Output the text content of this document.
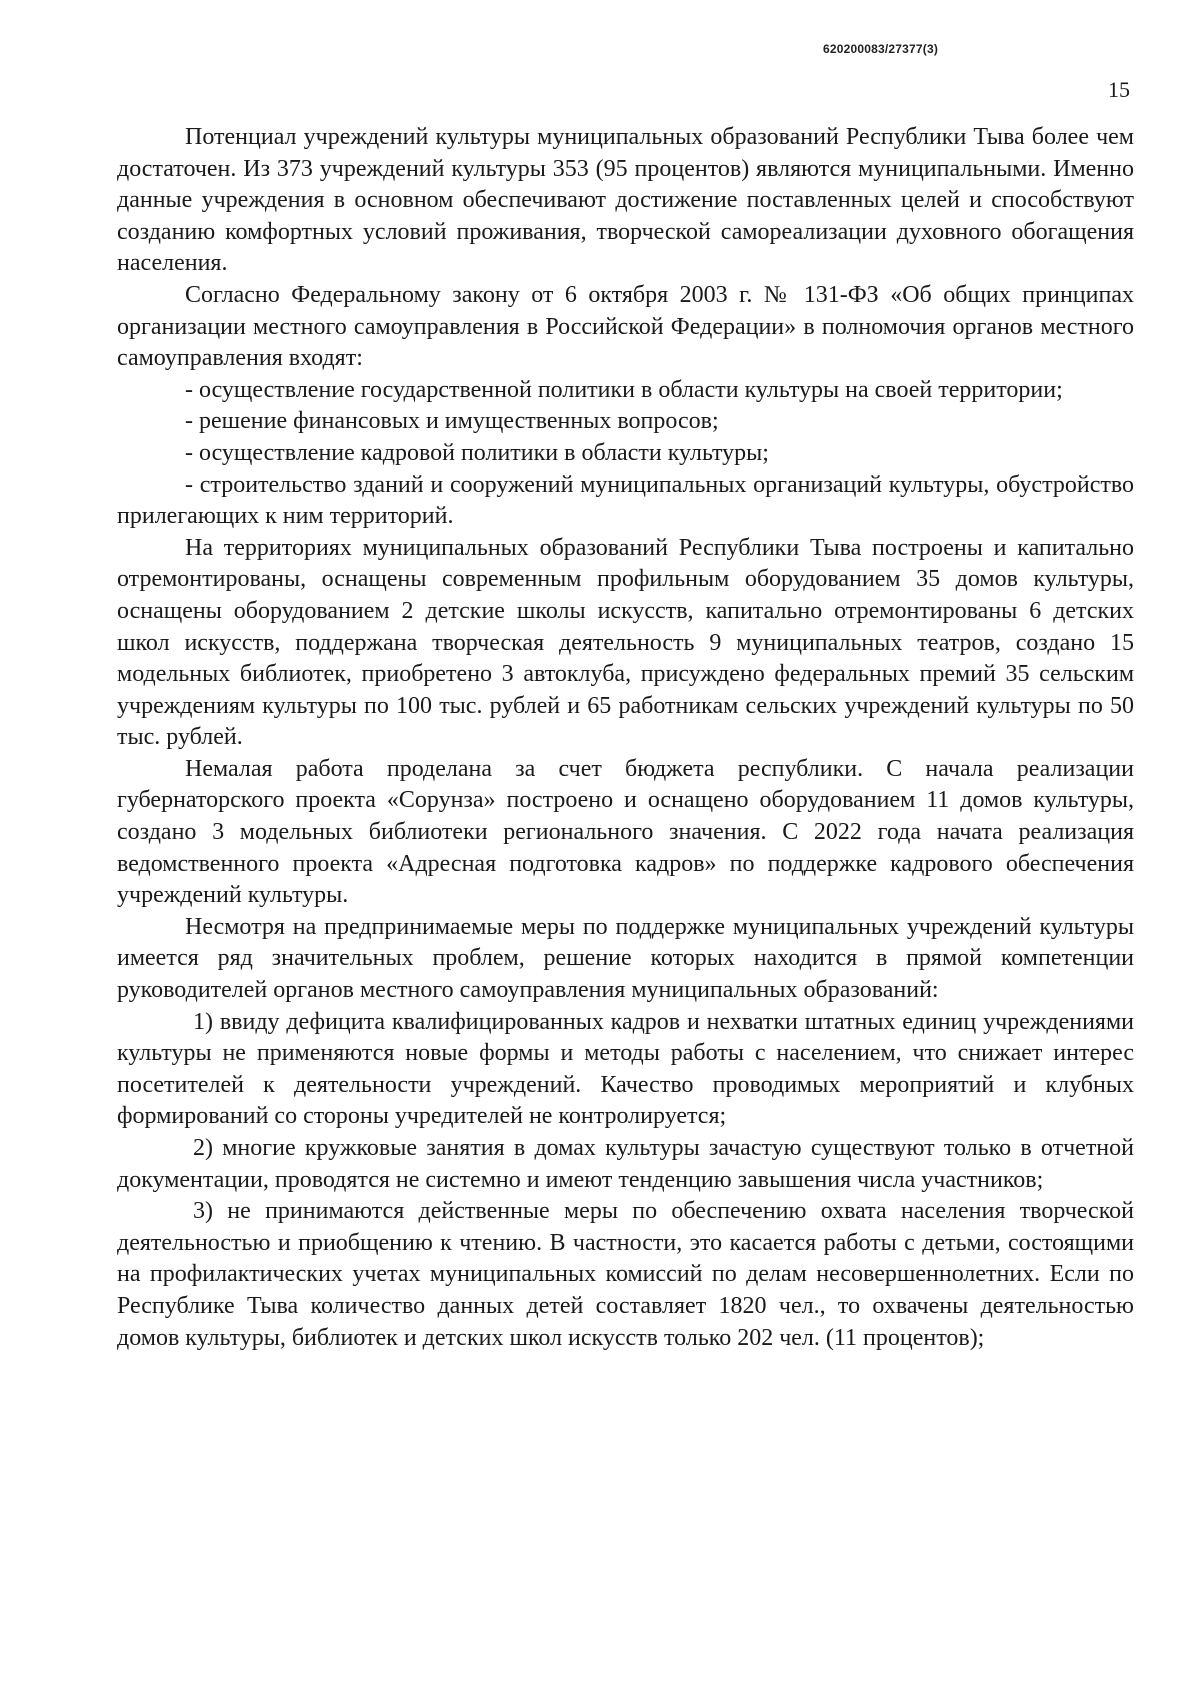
620200083/27377(3)
15

Потенциал учреждений культуры муниципальных образований Республики Тыва более чем достаточен. Из 373 учреждений культуры 353 (95 процентов) являются муниципальными. Именно данные учреждения в основном обеспечивают достижение поставленных целей и способствуют созданию комфортных условий проживания, творческой самореализации духовного обогащения населения.

Согласно Федеральному закону от 6 октября 2003 г. № 131-ФЗ «Об общих принципах организации местного самоуправления в Российской Федерации» в полномочия органов местного самоуправления входят:

- осуществление государственной политики в области культуры на своей территории;

- решение финансовых и имущественных вопросов;

- осуществление кадровой политики в области культуры;

- строительство зданий и сооружений муниципальных организаций культуры, обустройство прилегающих к ним территорий.

На территориях муниципальных образований Республики Тыва построены и капитально отремонтированы, оснащены современным профильным оборудованием 35 домов культуры, оснащены оборудованием 2 детские школы искусств, капитально отремонтированы 6 детских школ искусств, поддержана творческая деятельность 9 муниципальных театров, создано 15 модельных библиотек, приобретено 3 автоклуба, присуждено федеральных премий 35 сельским учреждениям культуры по 100 тыс. рублей и 65 работникам сельских учреждений культуры по 50 тыс. рублей.

Немалая работа проделана за счет бюджета республики. С начала реализации губернаторского проекта «Сорунза» построено и оснащено оборудованием 11 домов культуры, создано 3 модельных библиотеки регионального значения. С 2022 года начата реализация ведомственного проекта «Адресная подготовка кадров» по поддержке кадрового обеспечения учреждений культуры.

Несмотря на предпринимаемые меры по поддержке муниципальных учреждений культуры имеется ряд значительных проблем, решение которых находится в прямой компетенции руководителей органов местного самоуправления муниципальных образований:

1) ввиду дефицита квалифицированных кадров и нехватки штатных единиц учреждениями культуры не применяются новые формы и методы работы с населением, что снижает интерес посетителей к деятельности учреждений. Качество проводимых мероприятий и клубных формирований со стороны учредителей не контролируется;

2) многие кружковые занятия в домах культуры зачастую существуют только в отчетной документации, проводятся не системно и имеют тенденцию завышения числа участников;

3) не принимаются действенные меры по обеспечению охвата населения творческой деятельностью и приобщению к чтению. В частности, это касается работы с детьми, состоящими на профилактических учетах муниципальных комиссий по делам несовершеннолетних. Если по Республике Тыва количество данных детей составляет 1820 чел., то охвачены деятельностью домов культуры, библиотек и детских школ искусств только 202 чел. (11 процентов);
